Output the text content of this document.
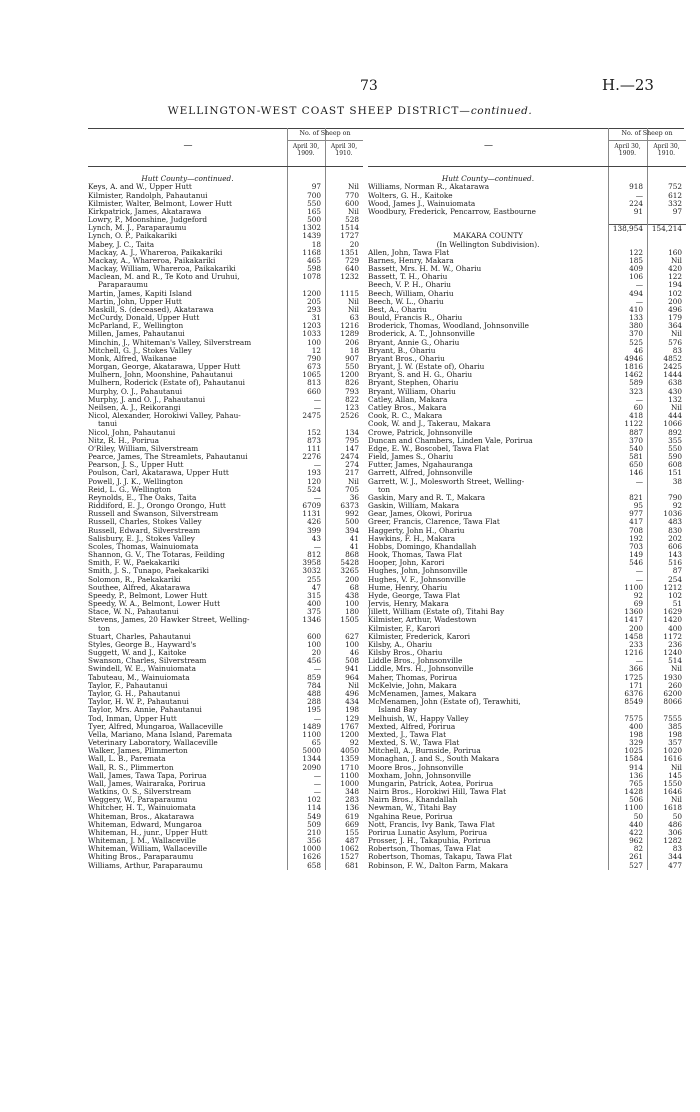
73	H.—23
WELLINGTON-WEST COAST SHEEP DISTRICT—continued.
—
No. of Sheep on
April 30,
1909.
April 30,
1910.
Hutt County—continued.
Keys, A. and W., Upper Hutt	97	Nil
Kilmister, Randolph, Pahautanui	700	770
Kilmister, Walter, Belmont, Lower Hutt	550	600
Kirkpatrick, James, Akatarawa	165	Nil
Lowry, P., Moonshine, Judgeford	500	528
Lynch, M. J., Paraparaumu	1302	1514
Lynch, O. P., Paikakariki	1439	1727
Mabey, J. C., Taita	18	20
Mackay, A. J., Whareroa, Paikakariki	1168	1351
Mackay, A., Whareroa, Paikakariki	465	729
Mackay, William, Whareroa, Paikakariki	598	640
Maclean, M. and R., Te Koto and Uruhui,	1078	1232
Paraparaumu
Martin, James, Kapiti Island	1200	1115
Martin, John, Upper Hutt	205	Nil
Maskill, S. (deceased), Akatarawa	293	Nil
McCurdy, Donald, Upper Hutt	31	63
McParland, F., Wellington	1203	1216
Millen, James, Pahautanui	1033	1289
Minchin, J., Whiteman's Valley, Silverstream	100	206
Mitchell, G. J., Stokes Valley	12	18
Monk, Alfred, Waikanae	790	907
Morgan, George, Akatarawa, Upper Hutt	673	550
Mulhern, John, Moonshine, Pahautanui	1065	1200
Mulhern, Roderick (Estate of), Pahautanui	813	826
Murphy, O. J., Pahautanui	660	793
Murphy, J. and O. J., Pahautanui	—	822
Neilsen, A. J., Reikorangi	—	123
Nicol, Alexander, Horokiwi Valley, Pahau-	2475	2526
tanui
Nicol, John, Pahautanui	152	134
Nitz, R. H., Porirua	873	795
O'Riley, William, Silverstream	111	147
Pearce, James, The Streamlets, Pahautanui	2276	2474
Pearson, J. S., Upper Hutt	—	274
Poulson, Carl, Akatarawa, Upper Hutt	193	217
Powell, J. J. K., Wellington	120	Nil
Reid, L. G., Wellington	524	705
Reynolds, E., The Oaks, Taita	—	36
Riddiford, E. J., Orongo Orongo, Hutt	6709	6373
Russell and Swanson, Silverstream	1131	992
Russell, Charles, Stokes Valley	426	500
Russell, Edward, Silverstream	399	394
Salisbury, E. J., Stokes Valley	43	41
Scoles, Thomas, Wainuiomata	—	41
Shannon, G. V., The Totaras, Feilding	812	868
Smith, F. W., Paekakariki	3958	5428
Smith, J. S., Tunapo, Paekakariki	3032	3265
Solomon, R., Paekakariki	255	200
Southee, Alfred, Akatarawa	47	68
Speedy, P., Belmont, Lower Hutt	315	438
Speedy, W. A., Belmont, Lower Hutt	400	100
Stace, W. N., Pahautanui	375	180
Stevens, James, 20 Hawker Street, Welling-	1346	1505
ton
Stuart, Charles, Pahautanui	600	627
Styles, George B., Hayward's	100	100
Suggett, W. and J., Kaitoke	20	46
Swanson, Charles, Silverstream	456	508
Swindell, W. E., Wainuiomata	—	941
Tabuteau, M., Wainuiomata	859	964
Taylor, F., Pahautanui	784	Nil
Taylor, G. H., Pahautanui	488	496
Taylor, H. W. P., Pahautanui	288	434
Taylor, Mrs. Annie, Pahautanui	195	198
Tod, Inman, Upper Hutt	—	129
Tyer, Alfred, Mungaroa, Wallaceville	1489	1767
Vella, Mariano, Mana Island, Paremata	1100	1200
Veterinary Laboratory, Wallaceville	65	92
Walker, James, Plimmerton	5000	4050
Wall, L. B., Paremata	1344	1359
Wall, R. S., Plimmerton	2090	1710
Wall, James, Tawa Tapa, Porirua	—	1100
Wall, James, Wairaraka, Porirua	—	1000
Watkins, O. S., Silverstream	—	348
Weggery, W., Paraparaumu	102	283
Whitcher, H. T., Wainuiomata	114	136
Whiteman, Bros., Akatarawa	549	619
Whiteman, Edward, Mungaroa	509	669
Whiteman, H., junr., Upper Hutt	210	155
Whiteman, J. M., Wallaceville	356	487
Whiteman, William, Wallaceville	1000	1062
Whiting Bros., Paraparaumu	1626	1527
Williams, Arthur, Paraparaumu	658	681
—
No. of Sheep on
April 30,
1909.
April 30,
1910.
Hutt County—continued.
Williams, Norman R., Akatarawa	918	752
Wolters, G. H., Kaitoke	—	612
Wood, James J., Wainuiomata	224	332
Woodbury, Frederick, Pencarrow, Eastbourne	91	97
138,954	154,214
MAKARA COUNTY
(In Wellington Subdivision).
Allen, John, Tawa Flat	122	160
Barnes, Henry, Makara	185	Nil
Bassett, Mrs. H. M. W., Ohariu	409	420
Bassett, T. H., Ohariu	106	122
Beech, V. P. H., Ohariu	—	194
Beech, William, Ohariu	494	102
Beech, W. L., Ohariu	—	200
Best, A., Ohariu	410	496
Bould, Francis R., Ohariu	133	179
Broderick, Thomas, Woodland, Johnsonville	380	364
Broderick, A. T., Johnsonville	370	Nil
Bryant, Annie G., Ohariu	525	576
Bryant, B., Ohariu	46	83
Bryant Bros., Ohariu	4946	4852
Bryant, J. W. (Estate of), Ohariu	1816	2425
Bryant, S. and H. G., Ohariu	1462	1444
Bryant, Stephen, Ohariu	589	638
Bryant, William, Ohariu	323	430
Catley, Allan, Makara	—	132
Catley Bros., Makara	60	Nil
Cook, R. C., Makara	418	444
Cook, W. and J., Takerau, Makara	1122	1066
Crowe, Patrick, Johnsonville	887	892
Duncan and Chambers, Linden Vale, Porirua	370	355
Edge, E. W., Boscobel, Tawa Flat	540	550
Field, James S., Ohariu	581	590
Futter, James, Ngahauranga	650	608
Garrett, Alfred, Johnsonville	146	151
Garrett, W. J., Molesworth Street, Welling-	—	38
ton
Gaskin, Mary and R. T., Makara	821	790
Gaskin, William, Makara	95	92
Gear, James, Okowi, Porirua	977	1036
Greer, Francis, Clarence, Tawa Flat	417	483
Haggerty, John H., Ohariu	708	830
Hawkins, F. H., Makara	192	202
Hobbs, Domingo, Khandallah	703	606
Hook, Thomas, Tawa Flat	149	143
Hooper, John, Karori	546	516
Hughes, John, Johnsonville	—	87
Hughes, V. F., Johnsonville	—	254
Hume, Henry, Ohariu	1100	1212
Hyde, George, Tawa Flat	92	102
Jervis, Henry, Makara	69	51
Jillett, William (Estate of), Titahi Bay	1360	1629
Kilmister, Arthur, Wadestown	1417	1420
Kilmister, F., Karori	200	400
Kilmister, Frederick, Karori	1458	1172
Kilsby, A., Ohariu	233	236
Kilsby Bros., Ohariu	1216	1240
Liddle Bros., Johnsonville	—	514
Liddle, Mrs. H., Johnsonville	366	Nil
Maher, Thomas, Porirua	1725	1930
McKelvie, John, Makara	171	260
McMenamen, James, Makara	6376	6200
McMenamen, John (Estate of), Terawhiti,	8549	8066
Island Bay
Melhuish, W., Happy Valley	7575	7555
Mexted, Alfred, Porirua	400	385
Mexted, J., Tawa Flat	198	198
Mexted, S. W., Tawa Flat	329	357
Mitchell, A., Burnside, Porirua	1025	1020
Monaghan, J. and S., South Makara	1584	1616
Moore Bros., Johnsonville	914	Nil
Moxham, John, Johnsonville	136	145
Mungarin, Patrick, Aotea, Porirua	765	1550
Nairn Bros., Horokiwi Hill, Tawa Flat	1428	1646
Nairn Bros., Khandallah	506	Nil
Newman, W., Titahi Bay	1100	1618
Ngahina Reue, Porirua	50	50
Nott, Francis, Ivy Bank, Tawa Flat	440	486
Porirua Lunatic Asylum, Porirua	422	306
Prosser, J. H., Takapuhia, Porirua	962	1282
Robertson, Thomas, Tawa Flat	82	83
Robertson, Thomas, Takapu, Tawa Flat	261	344
Robinson, F. W., Dalton Farm, Makara	527	477
